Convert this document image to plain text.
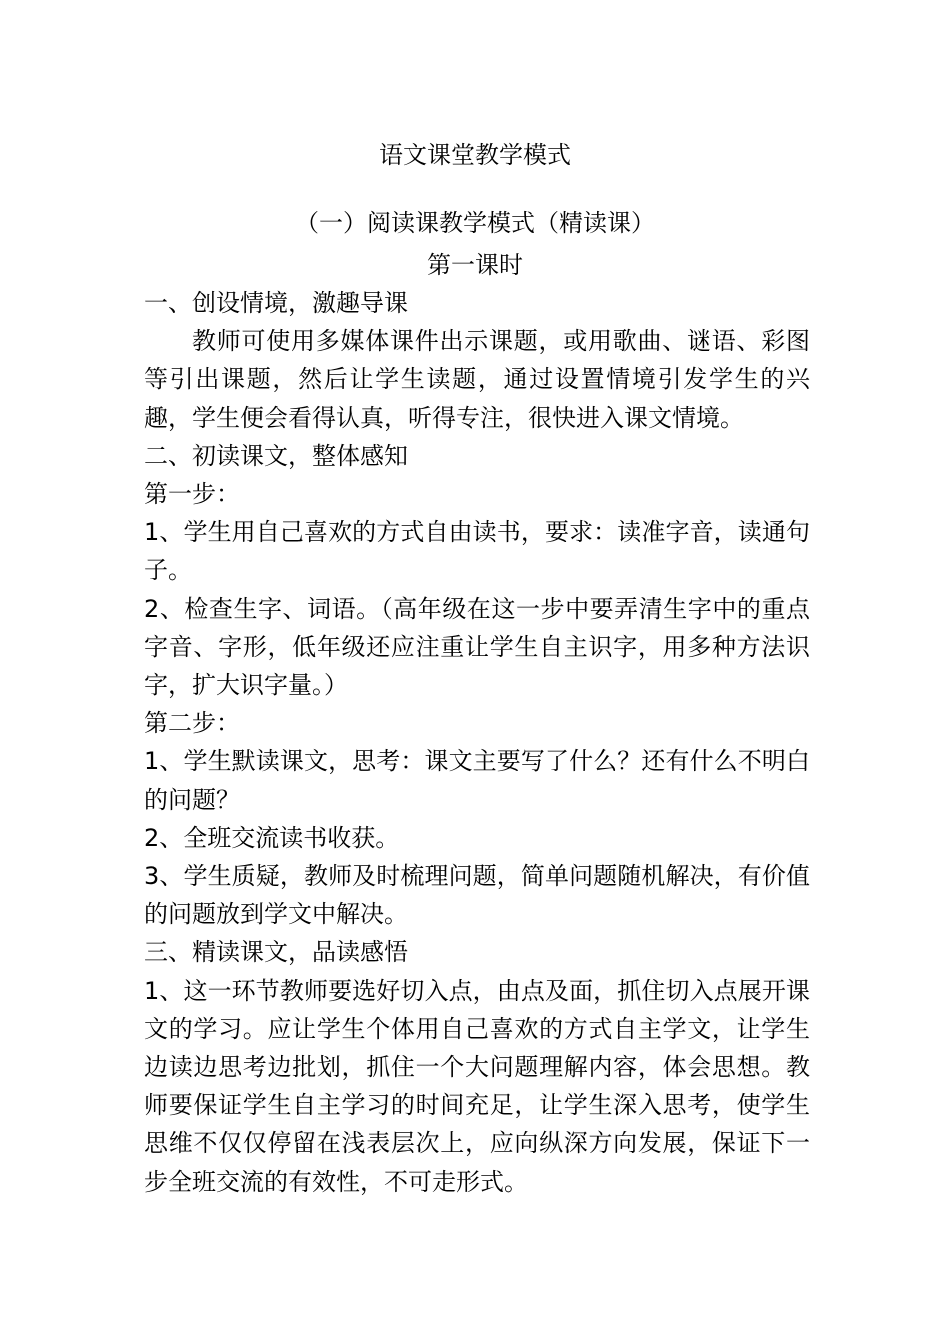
语文课堂教学模式
（一）阅读课教学模式（精读课）
第一课时

一、创设情境，激趣导课

教师可使用多媒体课件出示课题，或用歌曲、谜语、彩图等引出课题，然后让学生读题，通过设置情境引发学生的兴趣，学生便会看得认真，听得专注，很快进入课文情境。

二、初读课文，整体感知

第一步：

1、学生用自己喜欢的方式自由读书，要求：读准字音，读通句子。

2、检查生字、词语。（高年级在这一步中要弄清生字中的重点字音、字形，低年级还应注重让学生自主识字，用多种方法识字，扩大识字量。）

第二步：

1、学生默读课文，思考：课文主要写了什么？还有什么不明白的问题？

2、全班交流读书收获。

3、学生质疑，教师及时梳理问题，简单问题随机解决，有价值的问题放到学文中解决。

三、精读课文，品读感悟

1、这一环节教师要选好切入点，由点及面，抓住切入点展开课文的学习。应让学生个体用自己喜欢的方式自主学文，让学生边读边思考边批划，抓住一个大问题理解内容，体会思想。教师要保证学生自主学习的时间充足，让学生深入思考，使学生思维不仅仅停留在浅表层次上，应向纵深方向发展，保证下一步全班交流的有效性，不可走形式。
